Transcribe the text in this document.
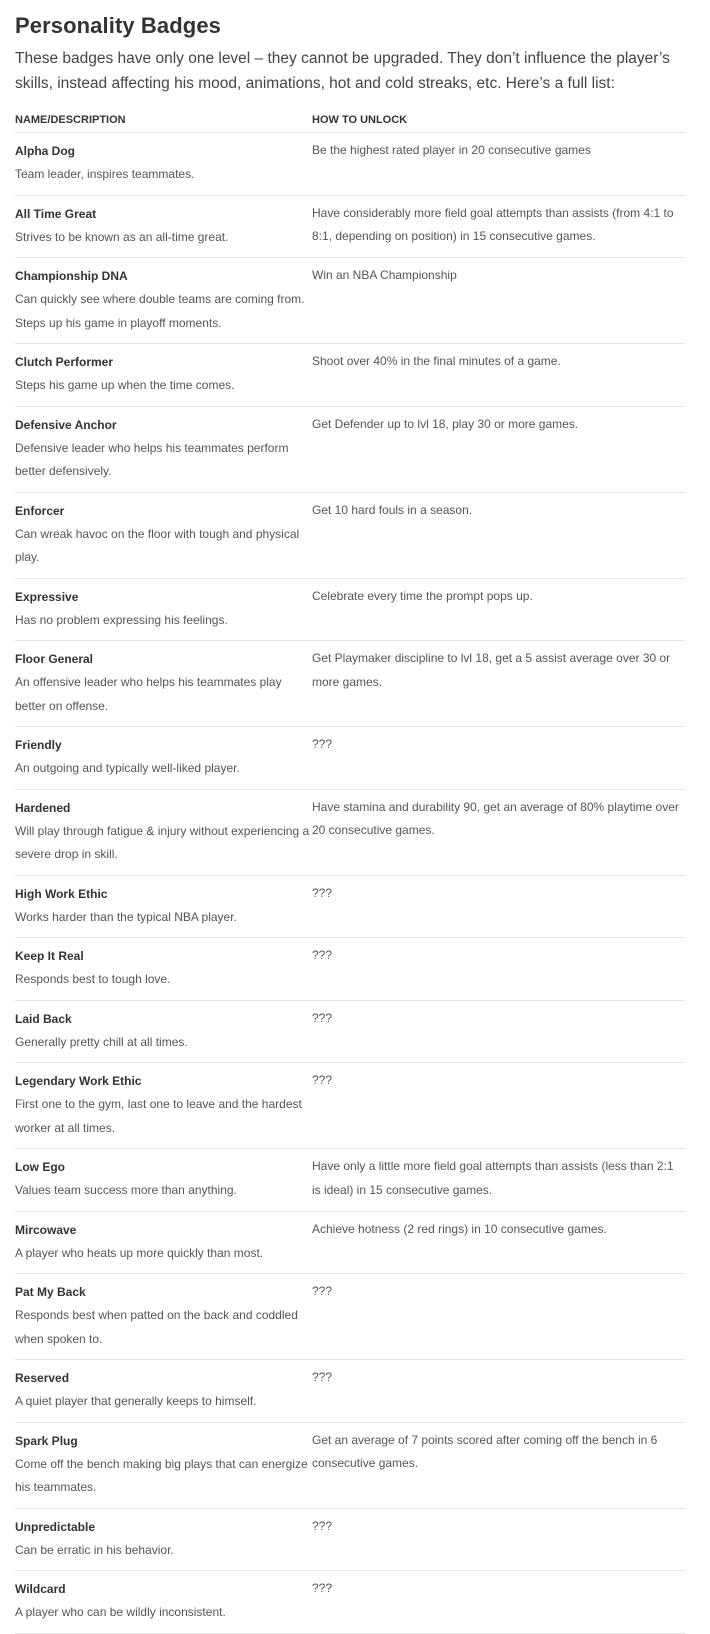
Personality Badges

These badges have only one level – they cannot be upgraded. They don’t influence the player’s skills, instead affecting his mood, animations, hot and cold streaks, etc. Here’s a full list:

NAME/DESCRIPTION	HOW TO UNLOCK
Alpha Dog
Team leader, inspires teammates.
Be the highest rated player in 20 consecutive games
All Time Great
Strives to be known as an all-time great.
Have considerably more field goal attempts than assists (from 4:1 to 8:1, depending on position) in 15 consecutive games.
Championship DNA
Can quickly see where double teams are coming from. Steps up his game in playoff moments.
Win an NBA Championship
Clutch Performer
Steps his game up when the time comes.
Shoot over 40% in the final minutes of a game.
Defensive Anchor
Defensive leader who helps his teammates perform better defensively.
Get Defender up to lvl 18, play 30 or more games.
Enforcer
Can wreak havoc on the floor with tough and physical play.
Get 10 hard fouls in a season.
Expressive
Has no problem expressing his feelings.
Celebrate every time the prompt pops up.
Floor General
An offensive leader who helps his teammates play better on offense.
Get Playmaker discipline to lvl 18, get a 5 assist average over 30 or more games.
Friendly
An outgoing and typically well-liked player.
???
Hardened
Will play through fatigue & injury without experiencing a severe drop in skill.
Have stamina and durability 90, get an average of 80% playtime over 20 consecutive games.
High Work Ethic
Works harder than the typical NBA player.
???
Keep It Real
Responds best to tough love.
???
Laid Back
Generally pretty chill at all times.
???
Legendary Work Ethic
First one to the gym, last one to leave and the hardest worker at all times.
???
Low Ego
Values team success more than anything.
Have only a little more field goal attempts than assists (less than 2:1 is ideal) in 15 consecutive games.
Mircowave
A player who heats up more quickly than most.
Achieve hotness (2 red rings) in 10 consecutive games.
Pat My Back
Responds best when patted on the back and coddled when spoken to.
???
Reserved
A quiet player that generally keeps to himself.
???
Spark Plug
Come off the bench making big plays that can energize his teammates.
Get an average of 7 points scored after coming off the bench in 6 consecutive games.
Unpredictable
Can be erratic in his behavior.
???
Wildcard
A player who can be wildly inconsistent.
???
